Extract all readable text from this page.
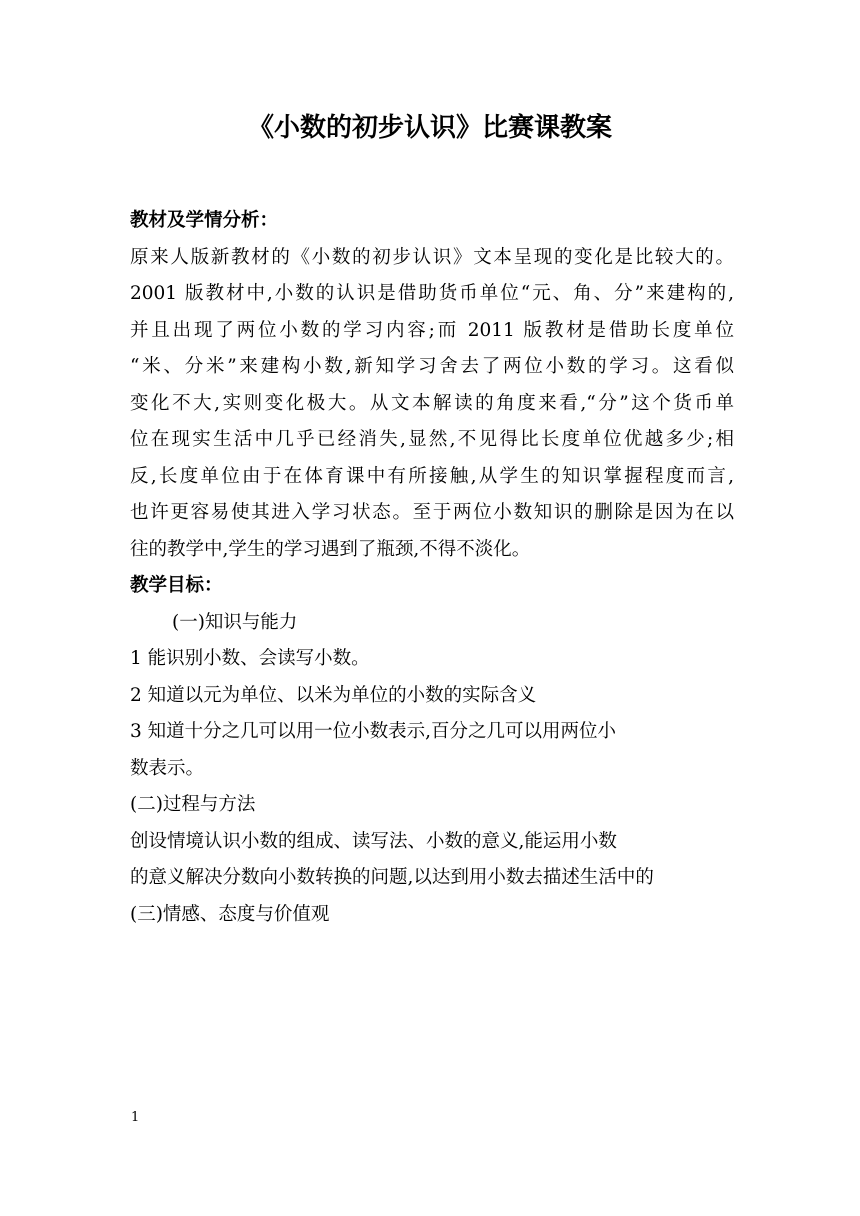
《小数的初步认识》比赛课教案

教材及学情分析：

原来人版新教材的《小数的初步认识》文本呈现的变化是比较大的。
2001 版教材中,小数的认识是借助货币单位“元、角、分”来建构的,
并且出现了两位小数的学习内容;而 2011 版教材是借助长度单位
“米、分米”来建构小数,新知学习舍去了两位小数的学习。这看似
变化不大,实则变化极大。从文本解读的角度来看,“分”这个货币单
位在现实生活中几乎已经消失,显然,不见得比长度单位优越多少;相
反,长度单位由于在体育课中有所接触,从学生的知识掌握程度而言,
也许更容易使其进入学习状态。至于两位小数知识的删除是因为在以
往的教学中,学生的学习遇到了瓶颈,不得不淡化。

教学目标：

(一)知识与能力

1 能识别小数、会读写小数。

2 知道以元为单位、以米为单位的小数的实际含义

3 知道十分之几可以用一位小数表示,百分之几可以用两位小

数表示。

(二)过程与方法

创设情境认识小数的组成、读写法、小数的意义,能运用小数

的意义解决分数向小数转换的问题,以达到用小数去描述生活中的

(三)情感、态度与价值观

1
